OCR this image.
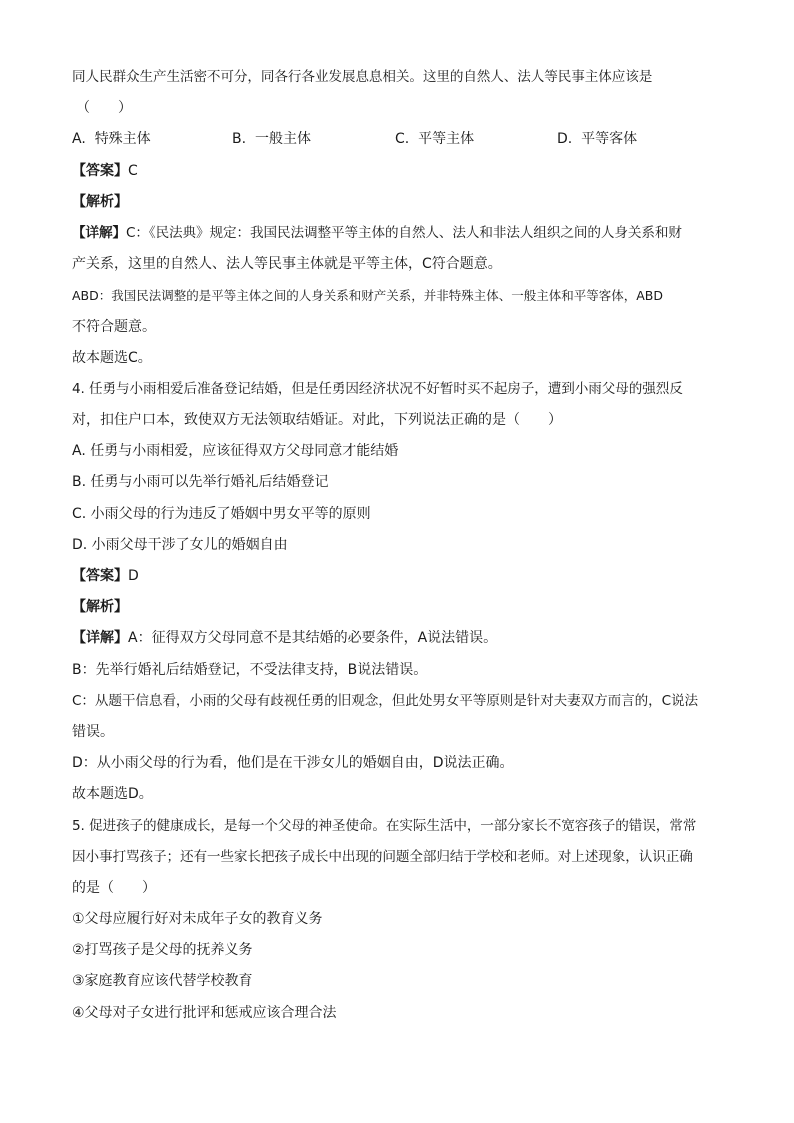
同人民群众生产生活密不可分，同各行各业发展息息相关。这里的自然人、法人等民事主体应该是
（　　）
A. 特殊主体	B. 一般主体	C. 平等主体	D. 平等客体
【答案】C
【解析】
【详解】C：《民法典》规定：我国民法调整平等主体的自然人、法人和非法人组织之间的人身关系和财
产关系，这里的自然人、法人等民事主体就是平等主体，C符合题意。
ABD：我国民法调整的是平等主体之间的人身关系和财产关系，并非特殊主体、一般主体和平等客体，ABD
不符合题意。
故本题选C。
4. 任勇与小雨相爱后准备登记结婚，但是任勇因经济状况不好暂时买不起房子，遭到小雨父母的强烈反
对，扣住户口本，致使双方无法领取结婚证。对此，下列说法正确的是（　　）
A. 任勇与小雨相爱，应该征得双方父母同意才能结婚
B. 任勇与小雨可以先举行婚礼后结婚登记
C. 小雨父母的行为违反了婚姻中男女平等的原则
D. 小雨父母干涉了女儿的婚姻自由
【答案】D
【解析】
【详解】A：征得双方父母同意不是其结婚的必要条件，A说法错误。
B：先举行婚礼后结婚登记，不受法律支持，B说法错误。
C：从题干信息看，小雨的父母有歧视任勇的旧观念，但此处男女平等原则是针对夫妻双方而言的，C说法
错误。
D：从小雨父母的行为看，他们是在干涉女儿的婚姻自由，D说法正确。
故本题选D。
5. 促进孩子的健康成长，是每一个父母的神圣使命。在实际生活中，一部分家长不宽容孩子的错误，常常
因小事打骂孩子；还有一些家长把孩子成长中出现的问题全部归结于学校和老师。对上述现象，认识正确
的是（　　）
①父母应履行好对未成年子女的教育义务
②打骂孩子是父母的抚养义务
③家庭教育应该代替学校教育
④父母对子女进行批评和惩戒应该合理合法
